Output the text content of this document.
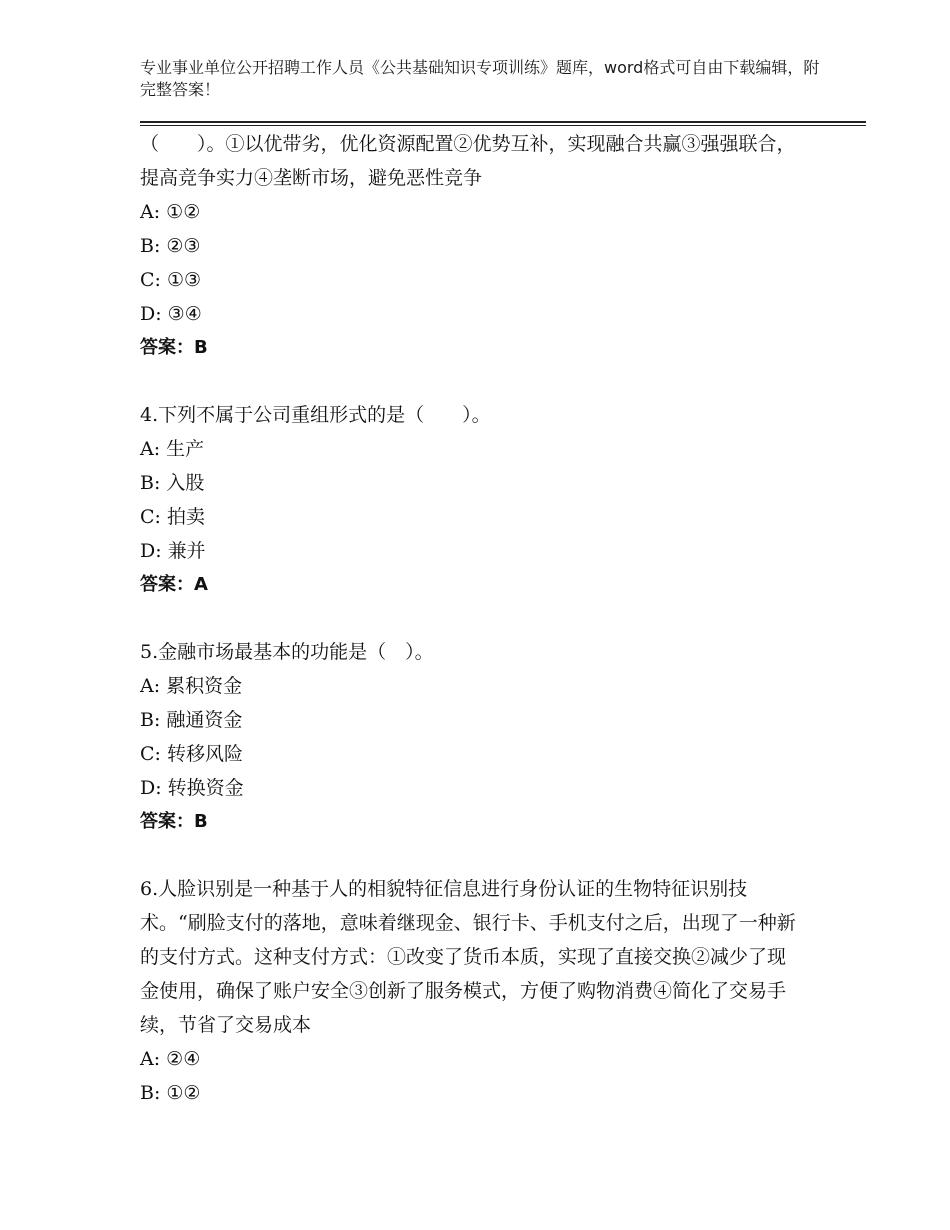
专业事业单位公开招聘工作人员《公共基础知识专项训练》题库，word格式可自由下载编辑，附完整答案！

（　　）。①以优带劣，优化资源配置②优势互补，实现融合共赢③强强联合，提高竞争实力④垄断市场，避免恶性竞争

A: ①②

B: ②③

C: ①③

D: ③④

答案：B

4.下列不属于公司重组形式的是（　　）。

A: 生产

B: 入股

C: 拍卖

D: 兼并

答案：A

5.金融市场最基本的功能是（　）。

A: 累积资金

B: 融通资金

C: 转移风险

D: 转换资金

答案：B

6.人脸识别是一种基于人的相貌特征信息进行身份认证的生物特征识别技术。“刷脸支付的落地，意味着继现金、银行卡、手机支付之后，出现了一种新的支付方式。这种支付方式：①改变了货币本质，实现了直接交换②减少了现金使用，确保了账户安全③创新了服务模式，方便了购物消费④简化了交易手续，节省了交易成本

A: ②④

B: ①②
